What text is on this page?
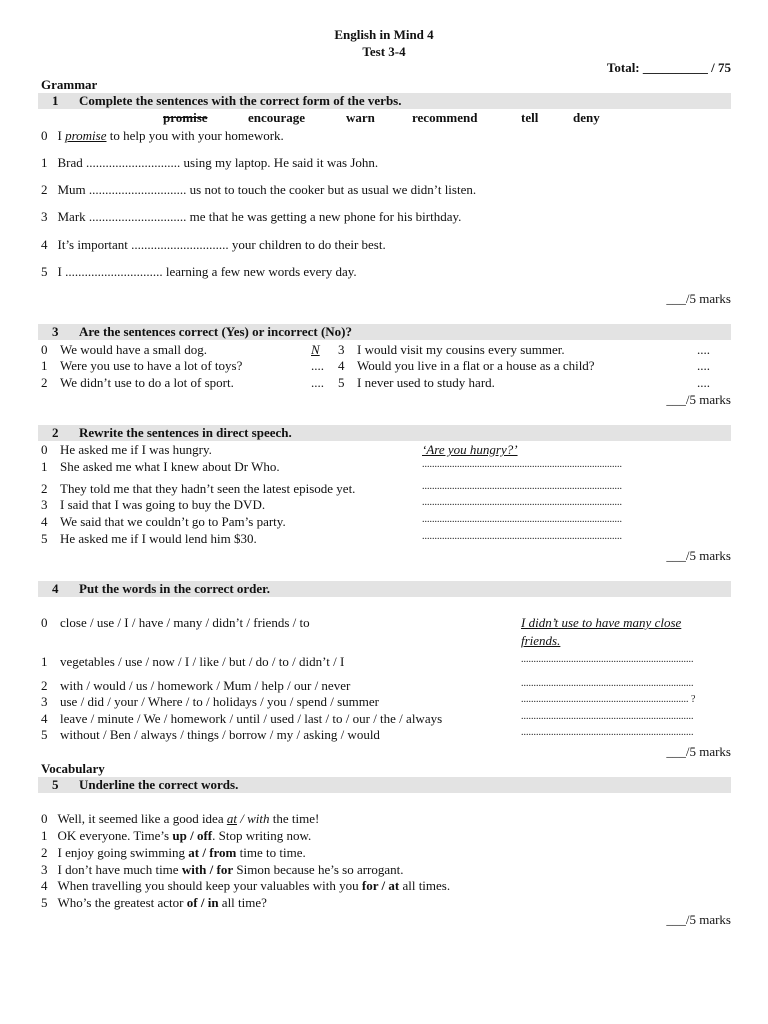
English in Mind 4
Test 3-4
Total: __________ / 75
Grammar
1 Complete the sentences with the correct form of the verbs.
promise	encourage	warn	recommend	tell	deny
0 I promise to help you with your homework.
1 Brad ............................. using my laptop. He said it was John.
2 Mum .............................. us not to touch the cooker but as usual we didn’t listen.
3 Mark .............................. me that he was getting a new phone for his birthday.
4 It’s important .............................. your children to do their best.
5 I .............................. learning a few new words every day.
___/5 marks
3 Are the sentences correct (Yes) or incorrect (No)?
0 We would have a small dog.	N
1 Were you use to have a lot of toys?	....
2 We didn’t use to do a lot of sport.	....
3 I would visit my cousins every summer.	....
4 Would you live in a flat or a house as a child?	....
5 I never used to study hard.	....
___/5 marks
2 Rewrite the sentences in direct speech.
0 He asked me if I was hungry.	‘Are you hungry?’
1 She asked me what I knew about Dr Who.	................................................................................
2 They told me that they hadn’t seen the latest episode yet.	................................................................................
3 I said that I was going to buy the DVD.	................................................................................
4 We said that we couldn’t go to Pam’s party.	................................................................................
5 He asked me if I would lend him $30.	................................................................................
___/5 marks
4 Put the words in the correct order.
0 close / use / I / have / many / didn’t / friends / to	I didn’t use to have many close
friends.
1 vegetables / use / now / I / like / but / do / to / didn’t / I	.....................................................................
2 with / would / us / homework / Mum / help / our / never	.....................................................................
3 use / did / your / Where / to / holidays / you / spend / summer	................................................................... ?
4 leave / minute / We / homework / until / used / last / to / our / the / always	.....................................................................
5 without / Ben / always / things / borrow / my / asking / would	.....................................................................
___/5 marks
Vocabulary
5 Underline the correct words.
0 Well, it seemed like a good idea at / with the time!
1 OK everyone. Time’s up / off. Stop writing now.
2 I enjoy going swimming at / from time to time.
3 I don’t have much time with / for Simon because he’s so arrogant.
4 When travelling you should keep your valuables with you for / at all times.
5 Who’s the greatest actor of / in all time?
___/5 marks
